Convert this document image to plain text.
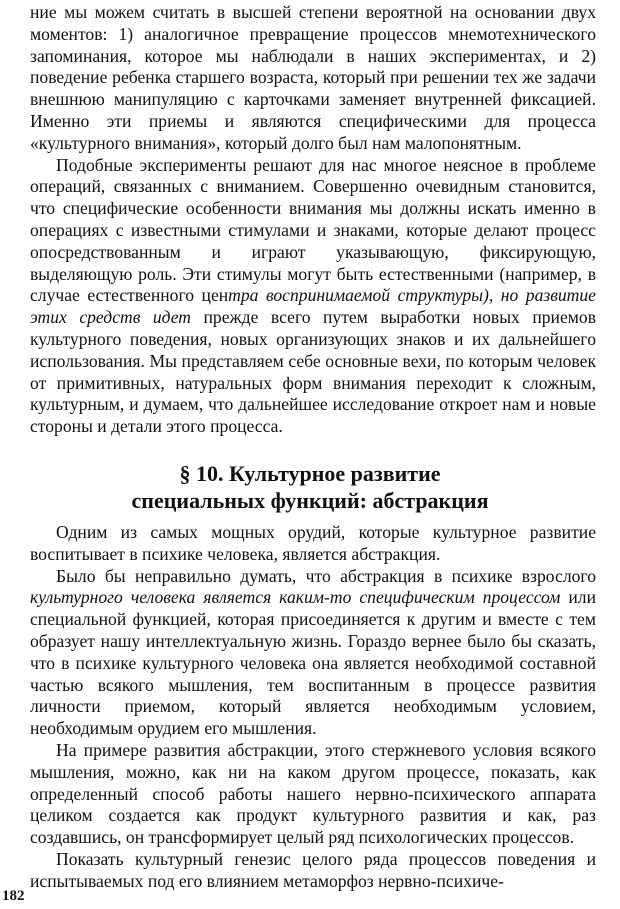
ние мы можем считать в высшей степени вероятной на основании двух моментов: 1) аналогичное превращение процессов мнемотехнического запоминания, которое мы наблюдали в наших экспериментах, и 2) поведение ребенка старшего возраста, который при решении тех же задачи внешнюю манипуляцию с карточками заменяет внутренней фиксацией. Именно эти приемы и являются специфическими для процесса «культурного внимания», который долго был нам малопонятным.

Подобные эксперименты решают для нас многое неясное в проблеме операций, связанных с вниманием. Совершенно очевидным становится, что специфические особенности внимания мы должны искать именно в операциях с известными стимулами и знаками, которые делают процесс опосредствованным и играют указывающую, фиксирующую, выделяющую роль. Эти стимулы могут быть естественными (например, в случае естественного центра воспринимаемой структуры), но развитие этих средств идет прежде всего путем выработки новых приемов культурного поведения, новых организующих знаков и их дальнейшего использования. Мы представляем себе основные вехи, по которым человек от примитивных, натуральных форм внимания переходит к сложным, культурным, и думаем, что дальнейшее исследование откроет нам и новые стороны и детали этого процесса.

§ 10. Культурное развитие
специальных функций: абстракция

Одним из самых мощных орудий, которые культурное развитие воспитывает в психике человека, является абстракция.

Было бы неправильно думать, что абстракция в психике взрослого культурного человека является каким-то специфическим процессом или специальной функцией, которая присоединяется к другим и вместе с тем образует нашу интеллектуальную жизнь. Гораздо вернее было бы сказать, что в психике культурного человека она является необходимой составной частью всякого мышления, тем воспитанным в процессе развития личности приемом, который является необходимым условием, необходимым орудием его мышления.

На примере развития абстракции, этого стержневого условия всякого мышления, можно, как ни на каком другом процессе, показать, как определенный способ работы нашего нервно-психического аппарата целиком создается как продукт культурного развития и как, раз создавшись, он трансформирует целый ряд психологических процессов.

Показать культурный генезис целого ряда процессов поведения и испытываемых под его влиянием метаморфоз нервно-психиче-

182
